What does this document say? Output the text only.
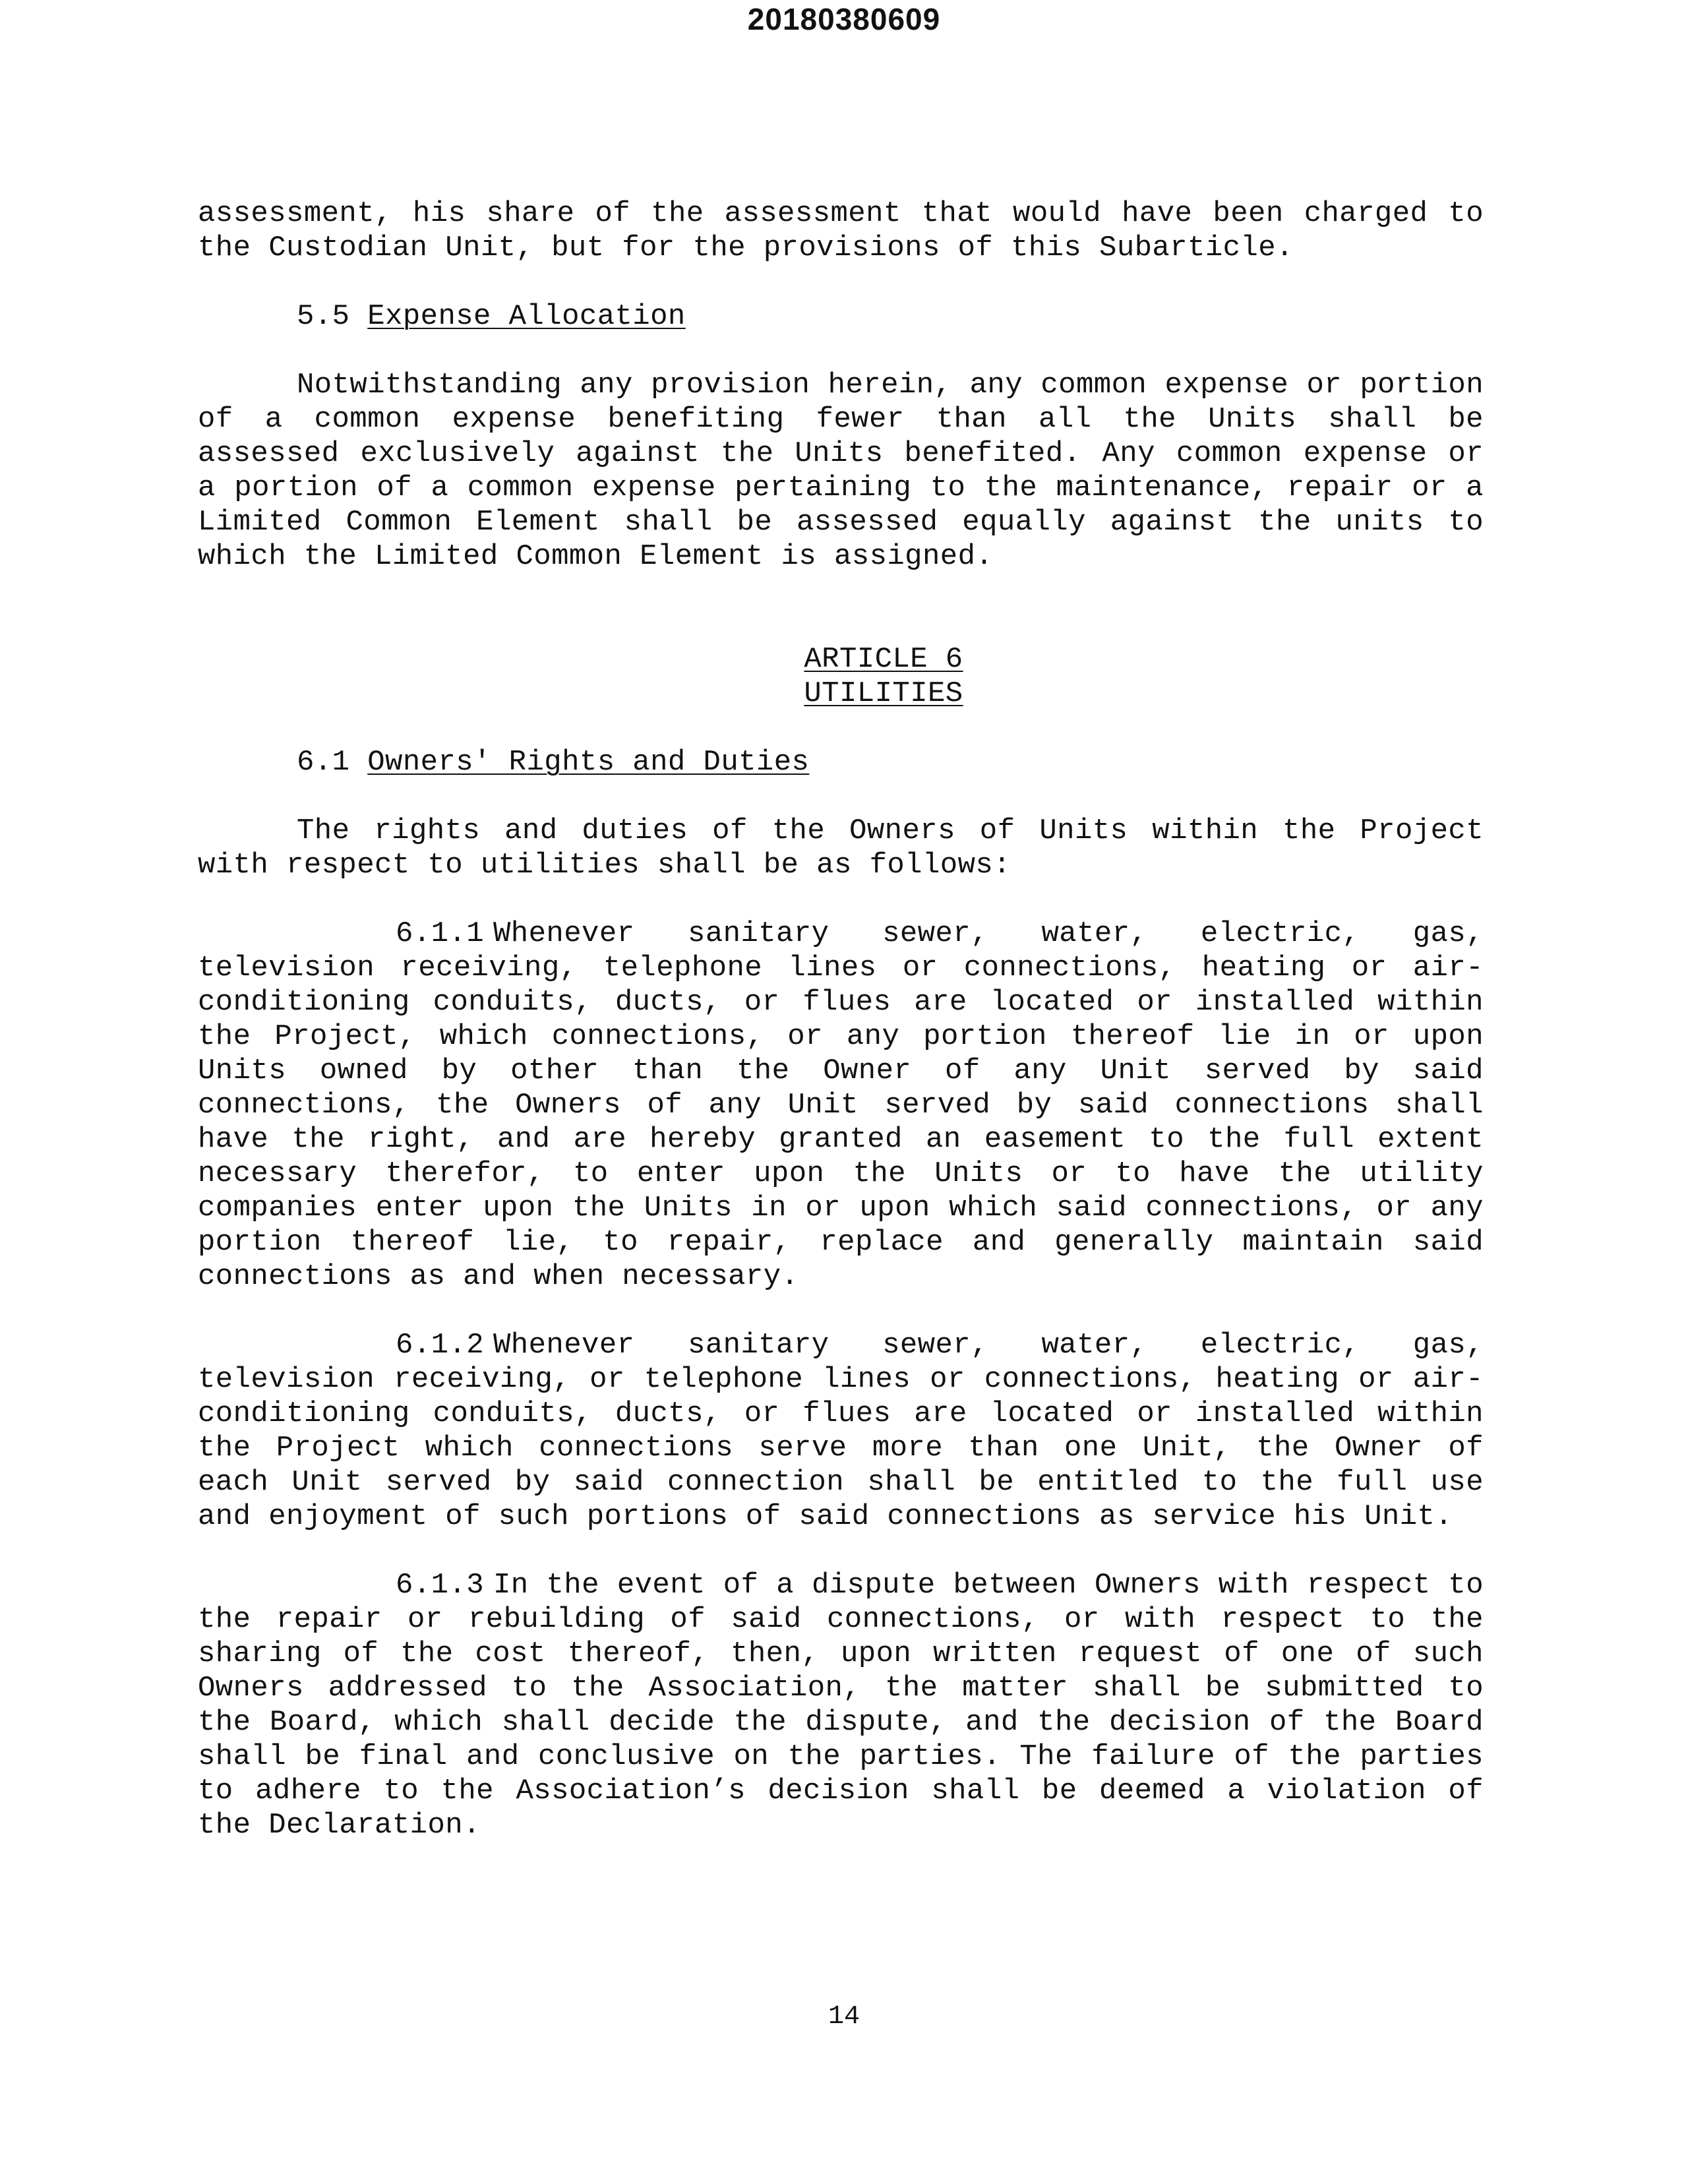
20180380609

assessment, his share of the assessment that would have been charged to the Custodian Unit, but for the provisions of this Subarticle.

5.5 Expense Allocation

Notwithstanding any provision herein, any common expense or portion of a common expense benefiting fewer than all the Units shall be assessed exclusively against the Units benefited. Any common expense or a portion of a common expense pertaining to the maintenance, repair or a Limited Common Element shall be assessed equally against the units to which the Limited Common Element is assigned.

ARTICLE 6

UTILITIES

6.1 Owners' Rights and Duties

The rights and duties of the Owners of Units within the Project with respect to utilities shall be as follows:

6.1.1 Whenever sanitary sewer, water, electric, gas, television receiving, telephone lines or connections, heating or air-conditioning conduits, ducts, or flues are located or installed within the Project, which connections, or any portion thereof lie in or upon Units owned by other than the Owner of any Unit served by said connections, the Owners of any Unit served by said connections shall have the right, and are hereby granted an easement to the full extent necessary therefor, to enter upon the Units or to have the utility companies enter upon the Units in or upon which said connections, or any portion thereof lie, to repair, replace and generally maintain said connections as and when necessary.

6.1.2 Whenever sanitary sewer, water, electric, gas, television receiving, or telephone lines or connections, heating or air-conditioning conduits, ducts, or flues are located or installed within the Project which connections serve more than one Unit, the Owner of each Unit served by said connection shall be entitled to the full use and enjoyment of such portions of said connections as service his Unit.

6.1.3 In the event of a dispute between Owners with respect to the repair or rebuilding of said connections, or with respect to the sharing of the cost thereof, then, upon written request of one of such Owners addressed to the Association, the matter shall be submitted to the Board, which shall decide the dispute, and the decision of the Board shall be final and conclusive on the parties. The failure of the parties to adhere to the Association’s decision shall be deemed a violation of the Declaration.

14
